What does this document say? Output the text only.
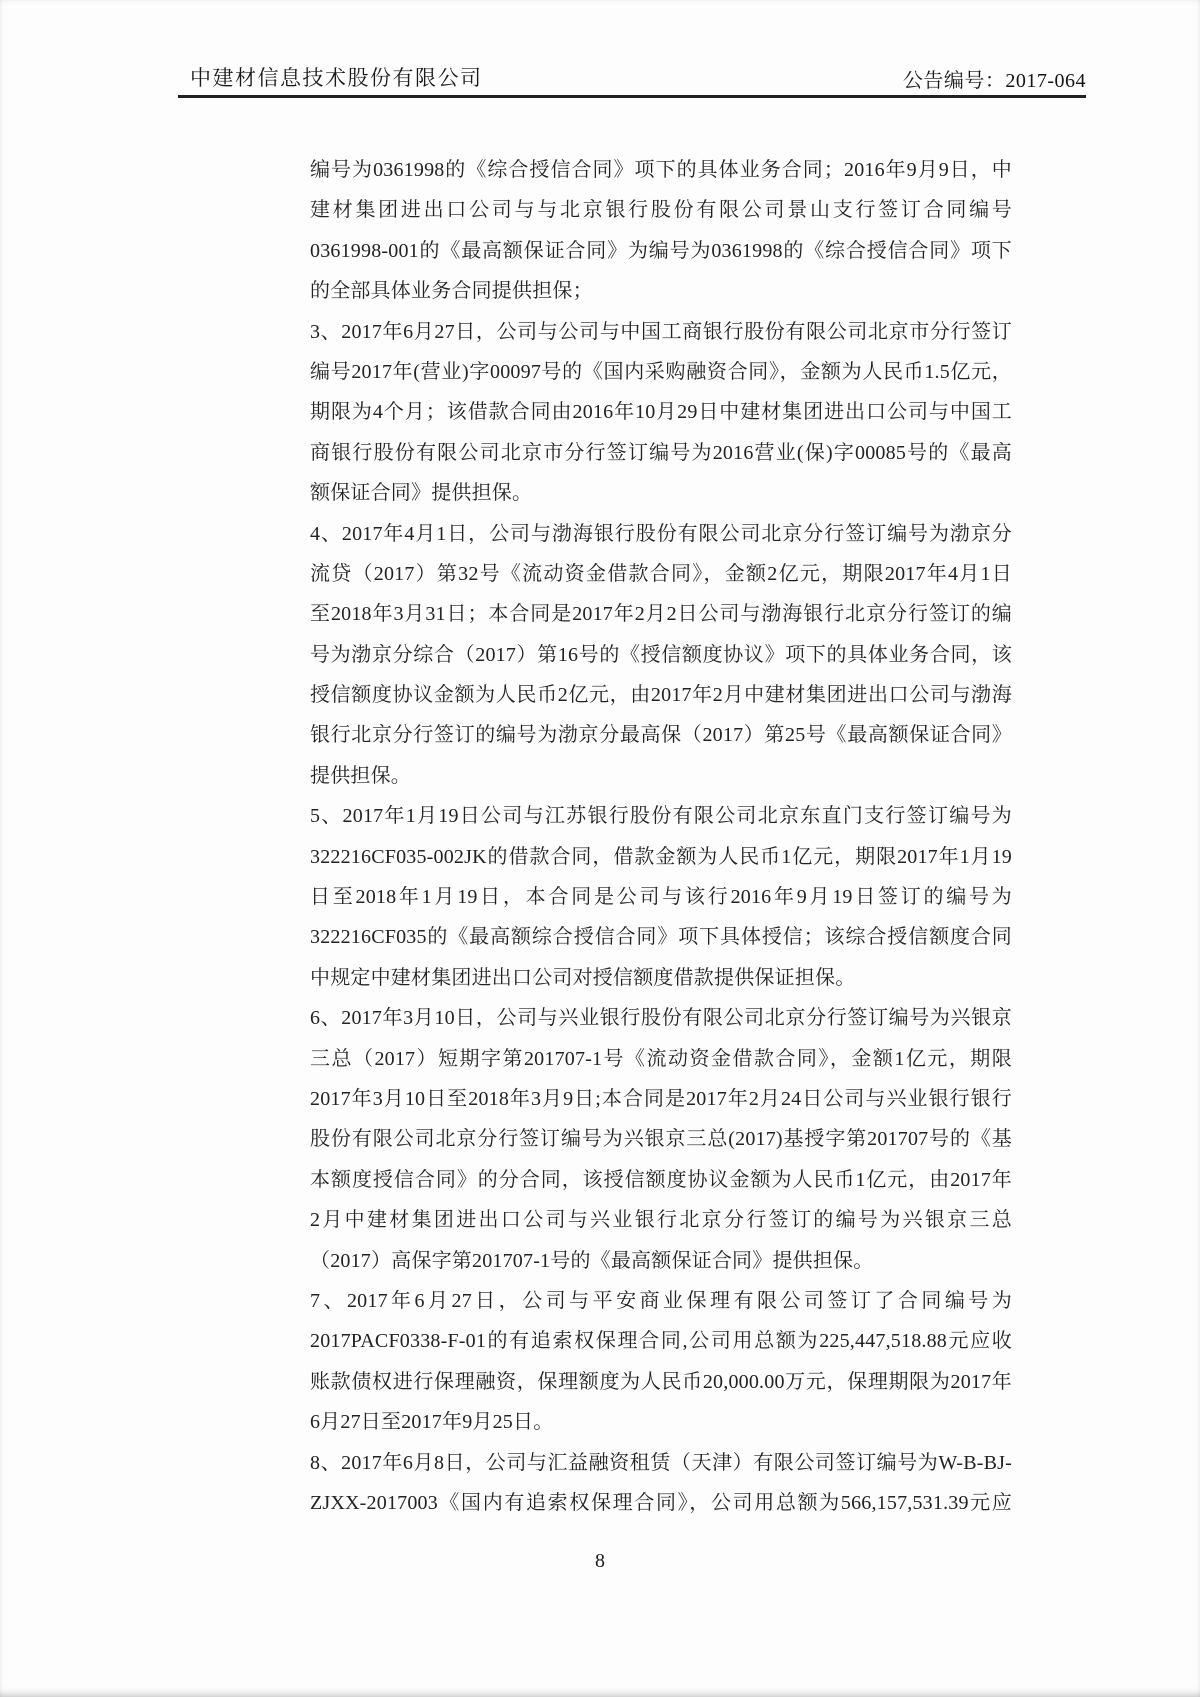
中建材信息技术股份有限公司	公告编号：2017-064
编号为0361998的《综合授信合同》项下的具体业务合同；2016年9月9日，中
建材集团进出口公司与与北京银行股份有限公司景山支行签订合同编号
0361998-001的《最高额保证合同》为编号为0361998的《综合授信合同》项下
的全部具体业务合同提供担保；
3、2017年6月27日，公司与公司与中国工商银行股份有限公司北京市分行签订
编号2017年(营业)字00097号的《国内采购融资合同》，金额为人民币1.5亿元，
期限为4个月；该借款合同由2016年10月29日中建材集团进出口公司与中国工
商银行股份有限公司北京市分行签订编号为2016营业(保)字00085号的《最高
额保证合同》提供担保。
4、2017年4月1日，公司与渤海银行股份有限公司北京分行签订编号为渤京分
流贷（2017）第32号《流动资金借款合同》，金额2亿元，期限2017年4月1日
至2018年3月31日；本合同是2017年2月2日公司与渤海银行北京分行签订的编
号为渤京分综合（2017）第16号的《授信额度协议》项下的具体业务合同，该
授信额度协议金额为人民币2亿元，由2017年2月中建材集团进出口公司与渤海
银行北京分行签订的编号为渤京分最高保（2017）第25号《最高额保证合同》
提供担保。
5、2017年1月19日公司与江苏银行股份有限公司北京东直门支行签订编号为
322216CF035-002JK的借款合同，借款金额为人民币1亿元，期限2017年1月19
日至2018年1月19日，本合同是公司与该行2016年9月19日签订的编号为
322216CF035的《最高额综合授信合同》项下具体授信；该综合授信额度合同
中规定中建材集团进出口公司对授信额度借款提供保证担保。
6、2017年3月10日，公司与兴业银行股份有限公司北京分行签订编号为兴银京
三总（2017）短期字第201707-1号《流动资金借款合同》，金额1亿元，期限
2017年3月10日至2018年3月9日;本合同是2017年2月24日公司与兴业银行银行
股份有限公司北京分行签订编号为兴银京三总(2017)基授字第201707号的《基
本额度授信合同》的分合同，该授信额度协议金额为人民币1亿元，由2017年
2月中建材集团进出口公司与兴业银行北京分行签订的编号为兴银京三总
（2017）高保字第201707-1号的《最高额保证合同》提供担保。
7、2017年6月27日，公司与平安商业保理有限公司签订了合同编号为
2017PACF0338-F-01的有追索权保理合同,公司用总额为225,447,518.88元应收
账款债权进行保理融资，保理额度为人民币20,000.00万元，保理期限为2017年
6月27日至2017年9月25日。
8、2017年6月8日，公司与汇益融资租赁（天津）有限公司签订编号为W-B-BJ-
ZJXX-2017003《国内有追索权保理合同》，公司用总额为566,157,531.39元应
8
